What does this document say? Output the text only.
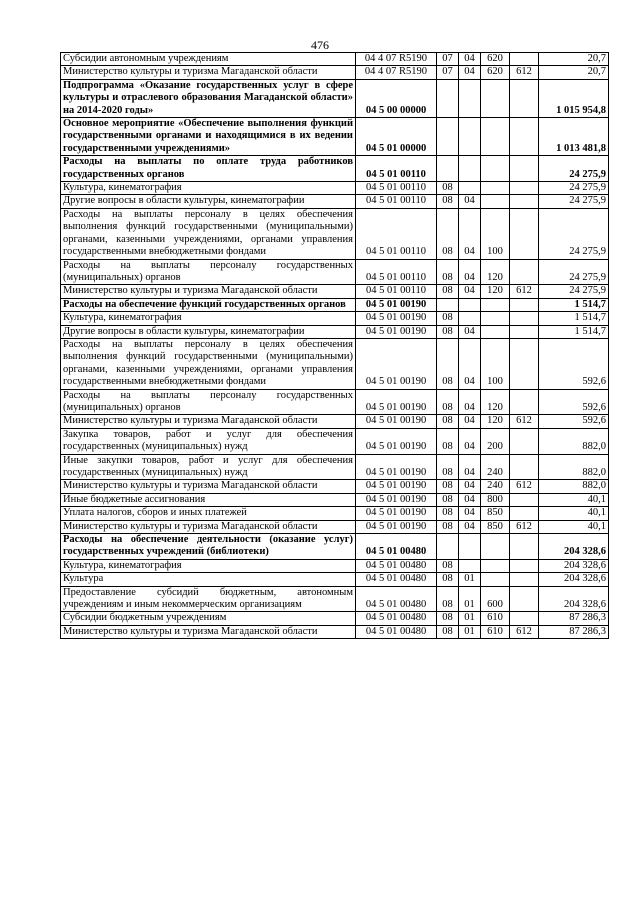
476
Субсидии автономным учреждениям	04 4 07 R5190	07	04	620		20,7
Министерство культуры и туризма Магаданской области	04 4 07 R5190	07	04	620	612	20,7
Подпрограмма «Оказание государственных услуг в сфере культуры и отраслевого образования Магаданской области» на 2014-2020 годы»	04 5 00 00000					1 015 954,8
Основное мероприятие «Обеспечение выполнения функций государственными органами и находящимися в их ведении государственными учреждениями»	04 5 01 00000					1 013 481,8
Расходы на выплаты по оплате труда работников государственных органов	04 5 01 00110					24 275,9
Культура, кинематография	04 5 01 00110	08				24 275,9
Другие вопросы в области культуры, кинематографии	04 5 01 00110	08	04			24 275,9
Расходы на выплаты персоналу в целях обеспечения выполнения функций государственными (муниципальными) органами, казенными учреждениями, органами управления государственными внебюджетными фондами	04 5 01 00110	08	04	100		24 275,9
Расходы на выплаты персоналу государственных (муниципальных) органов	04 5 01 00110	08	04	120		24 275,9
Министерство культуры и туризма Магаданской области	04 5 01 00110	08	04	120	612	24 275,9
Расходы на обеспечение функций государственных органов	04 5 01 00190					1 514,7
Культура, кинематография	04 5 01 00190	08				1 514,7
Другие вопросы в области культуры, кинематографии	04 5 01 00190	08	04			1 514,7
Расходы на выплаты персоналу в целях обеспечения выполнения функций государственными (муниципальными) органами, казенными учреждениями, органами управления государственными внебюджетными фондами	04 5 01 00190	08	04	100		592,6
Расходы на выплаты персоналу государственных (муниципальных) органов	04 5 01 00190	08	04	120		592,6
Министерство культуры и туризма Магаданской области	04 5 01 00190	08	04	120	612	592,6
Закупка товаров, работ и услуг для обеспечения государственных (муниципальных) нужд	04 5 01 00190	08	04	200		882,0
Иные закупки товаров, работ и услуг для обеспечения государственных (муниципальных) нужд	04 5 01 00190	08	04	240		882,0
Министерство культуры и туризма Магаданской области	04 5 01 00190	08	04	240	612	882,0
Иные бюджетные ассигнования	04 5 01 00190	08	04	800		40,1
Уплата налогов, сборов и иных платежей	04 5 01 00190	08	04	850		40,1
Министерство культуры и туризма Магаданской области	04 5 01 00190	08	04	850	612	40,1
Расходы на обеспечение деятельности (оказание услуг) государственных учреждений (библиотеки)	04 5 01 00480					204 328,6
Культура, кинематография	04 5 01 00480	08				204 328,6
Культура	04 5 01 00480	08	01			204 328,6
Предоставление субсидий бюджетным, автономным учреждениям и иным некоммерческим организациям	04 5 01 00480	08	01	600		204 328,6
Субсидии бюджетным учреждениям	04 5 01 00480	08	01	610		87 286,3
Министерство культуры и туризма Магаданской области	04 5 01 00480	08	01	610	612	87 286,3
